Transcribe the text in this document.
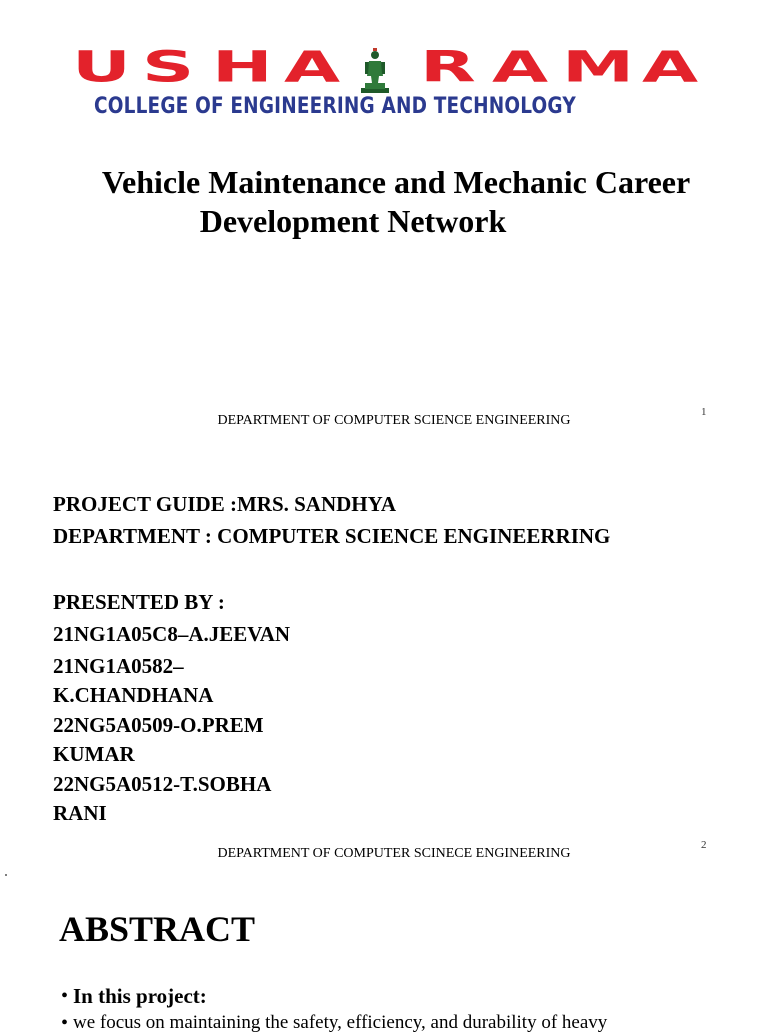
U S H A R A M A
COLLEGE OF ENGINEERING AND TECHNOLOGY
Vehicle Maintenance and Mechanic Career
Development Network
DEPARTMENT OF COMPUTER SCIENCE ENGINEERING
1
PROJECT GUIDE :MRS. SANDHYA
DEPARTMENT : COMPUTER SCIENCE ENGINEERRING
PRESENTED BY :
21NG1A05C8–A.JEEVAN
21NG1A0582– K.CHANDHANA
22NG5A0509-O.PREM KUMAR
22NG5A0512-T.SOBHA RANI
DEPARTMENT OF COMPUTER SCINECE ENGINEERING
2
ABSTRACT
• In this project:
• we focus on maintaining the safety, efficiency, and durability of heavy
